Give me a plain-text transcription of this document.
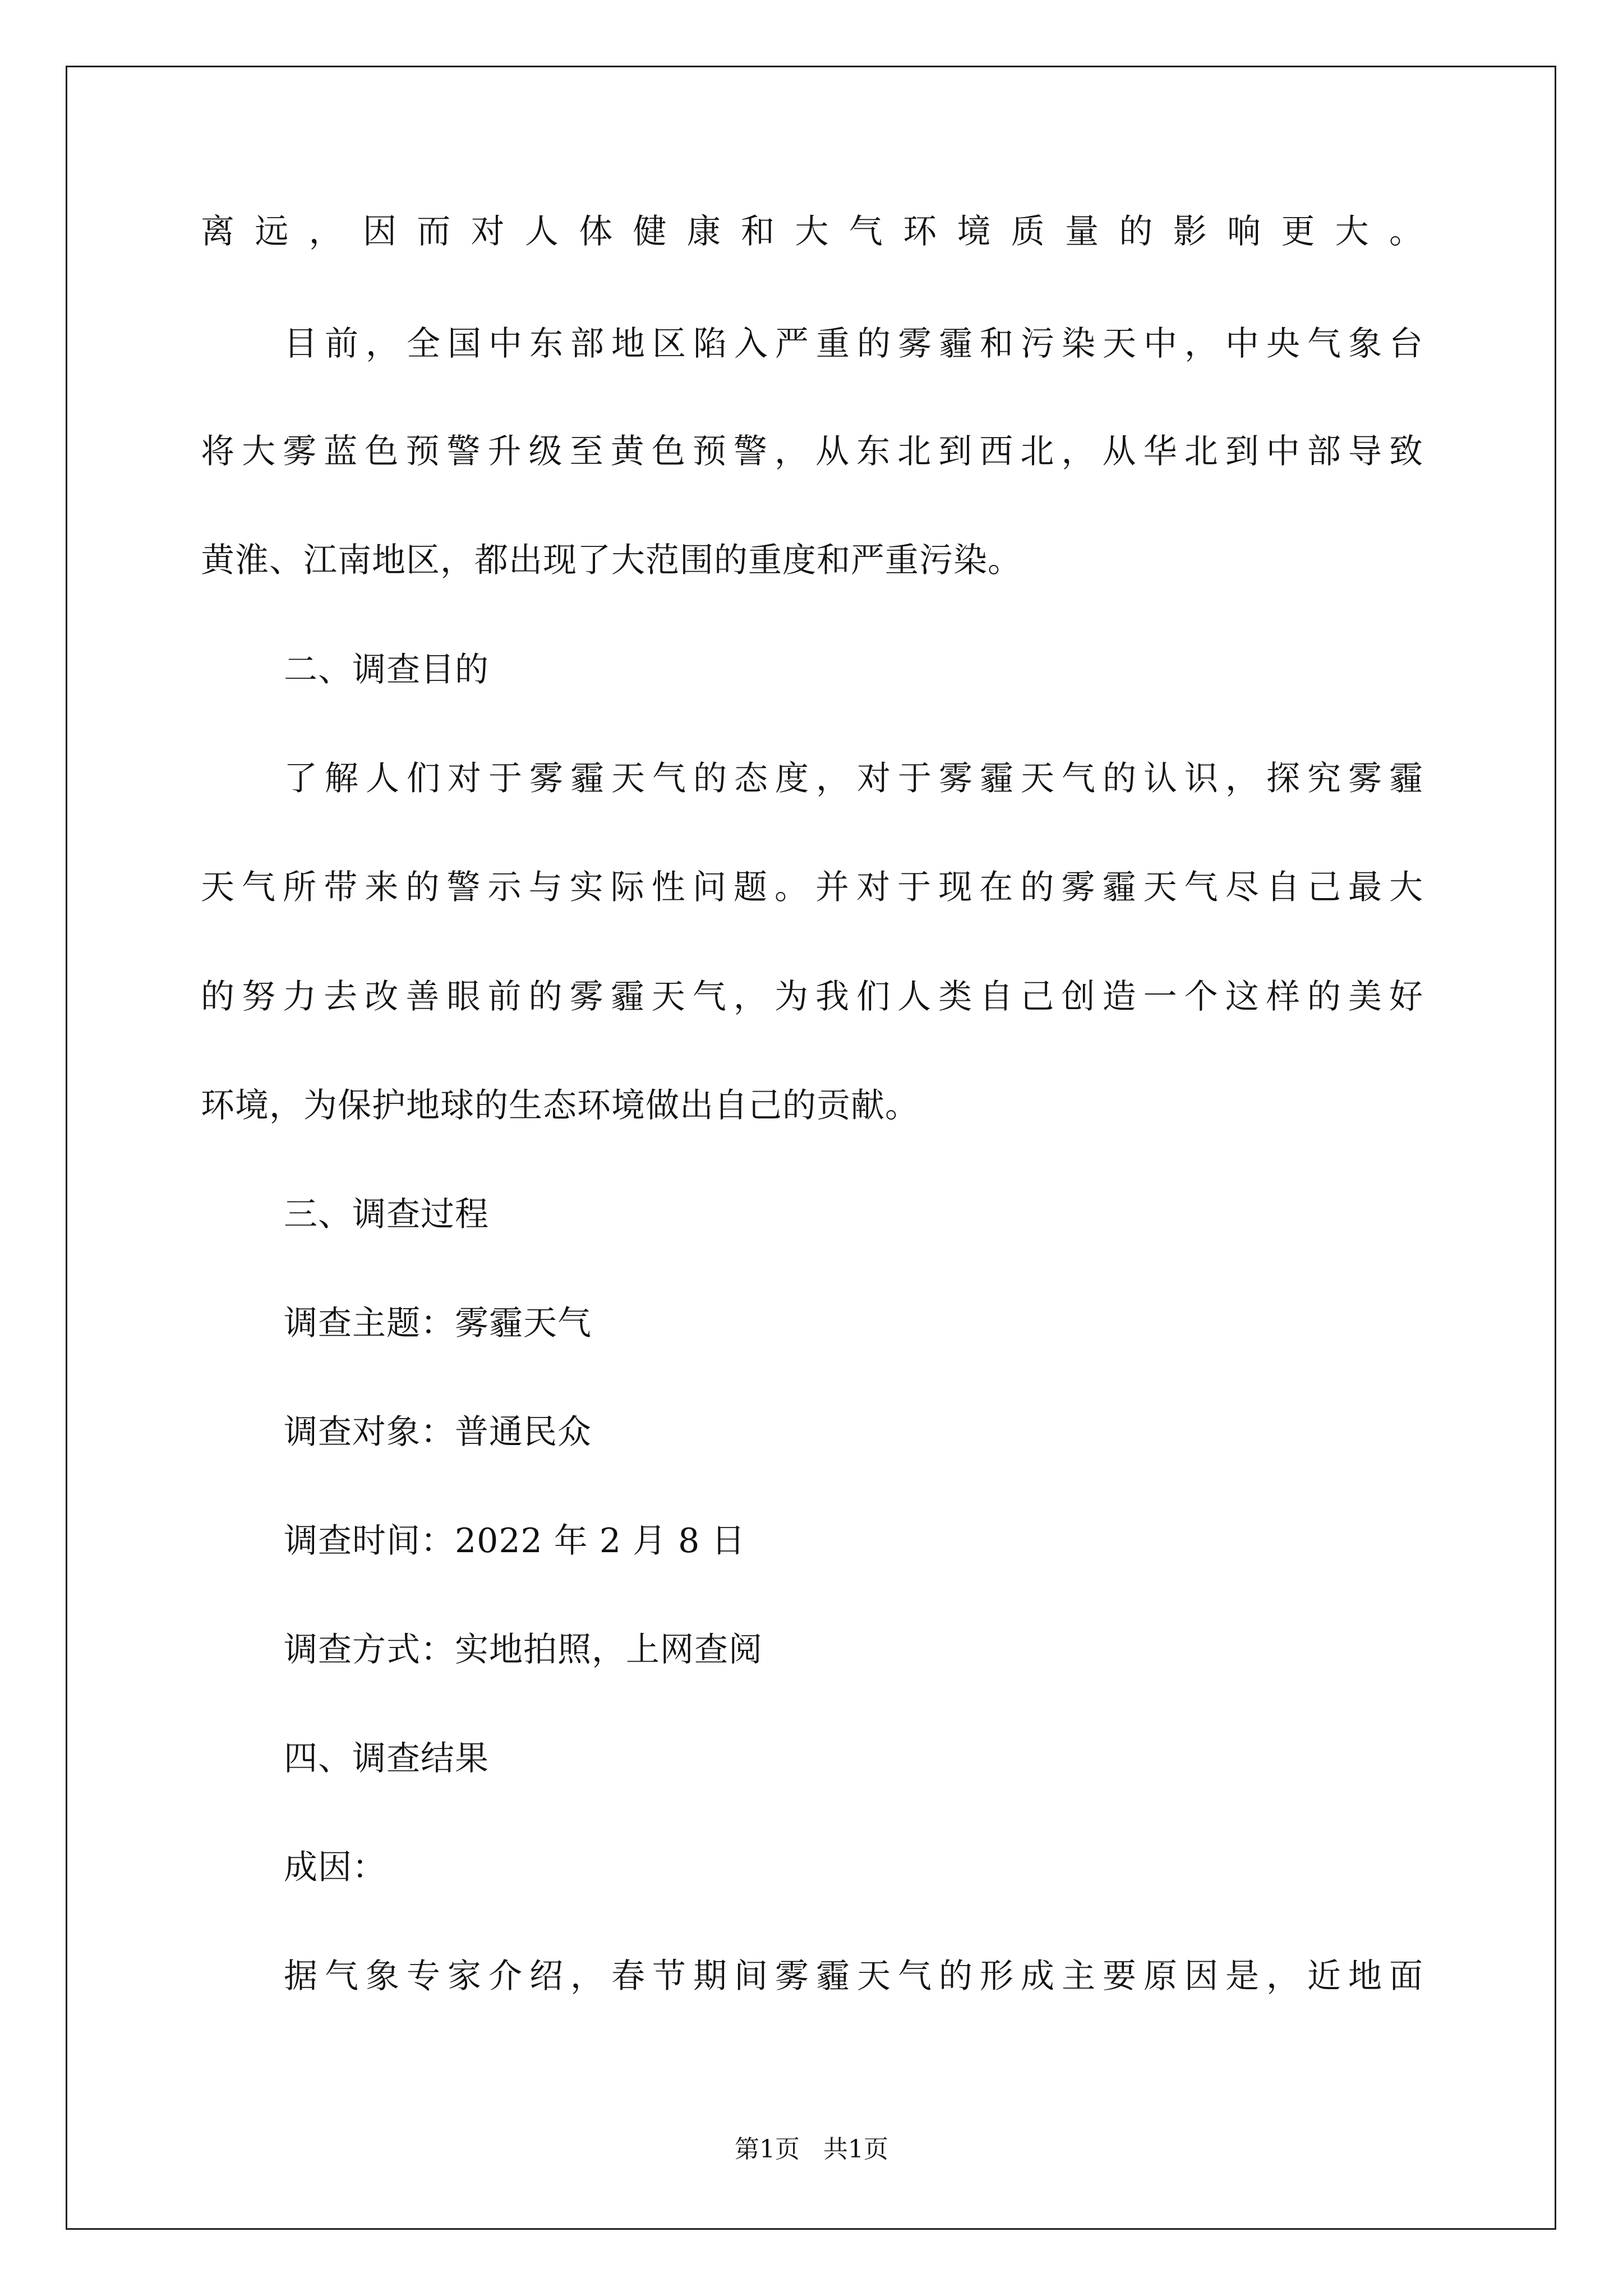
离远，因而对人体健康和大气环境质量的影响更大。
目前，全国中东部地区陷入严重的雾霾和污染天中，中央气象台
将大雾蓝色预警升级至黄色预警，从东北到西北，从华北到中部导致
黄淮、江南地区，都出现了大范围的重度和严重污染。
二、调查目的
了解人们对于雾霾天气的态度，对于雾霾天气的认识，探究雾霾
天气所带来的警示与实际性问题。并对于现在的雾霾天气尽自己最大
的努力去改善眼前的雾霾天气，为我们人类自己创造一个这样的美好
环境，为保护地球的生态环境做出自己的贡献。
三、调查过程
调查主题：雾霾天气
调查对象：普通民众
调查时间：2022 年 2 月 8 日
调查方式：实地拍照，上网查阅
四、调查结果
成因：
据气象专家介绍，春节期间雾霾天气的形成主要原因是，近地面
第1页   共1页
